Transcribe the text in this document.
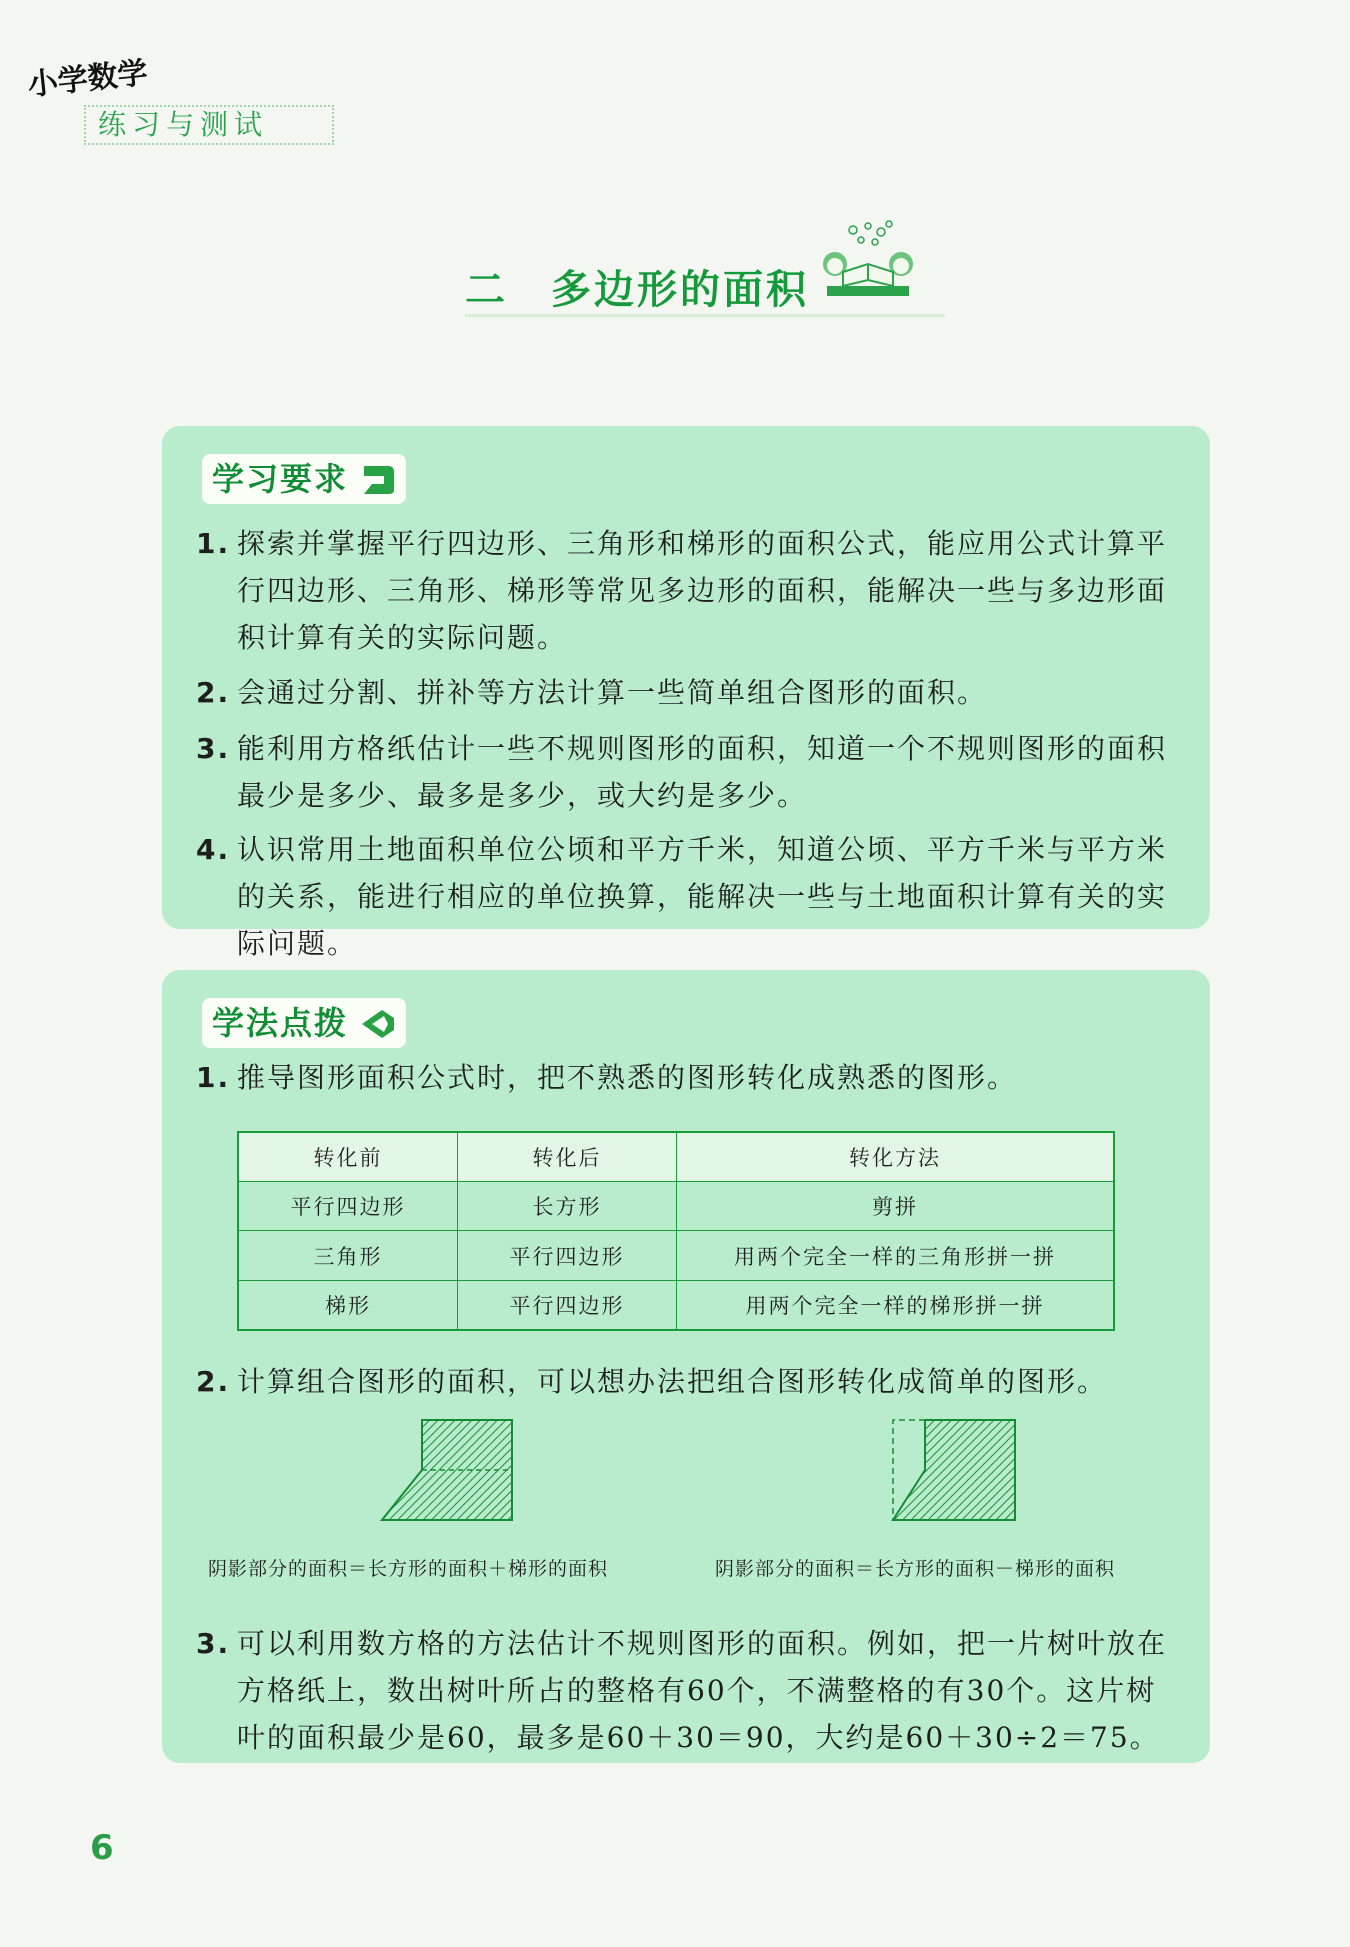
小学数学
练习与测试
二　多边形的面积
学习要求
1. 探索并掌握平行四边形、三角形和梯形的面积公式，能应用公式计算平行四边形、三角形、梯形等常见多边形的面积，能解决一些与多边形面积计算有关的实际问题。
2. 会通过分割、拼补等方法计算一些简单组合图形的面积。
3. 能利用方格纸估计一些不规则图形的面积，知道一个不规则图形的面积最少是多少、最多是多少，或大约是多少。
4. 认识常用土地面积单位公顷和平方千米，知道公顷、平方千米与平方米的关系，能进行相应的单位换算，能解决一些与土地面积计算有关的实际问题。
学法点拨
1. 推导图形面积公式时，把不熟悉的图形转化成熟悉的图形。
转化前	转化后	转化方法
平行四边形	长方形	剪拼
三角形	平行四边形	用两个完全一样的三角形拼一拼
梯形	平行四边形	用两个完全一样的梯形拼一拼
2. 计算组合图形的面积，可以想办法把组合图形转化成简单的图形。
阴影部分的面积＝长方形的面积＋梯形的面积	阴影部分的面积＝长方形的面积－梯形的面积
3. 可以利用数方格的方法估计不规则图形的面积。例如，把一片树叶放在方格纸上，数出树叶所占的整格有60个，不满整格的有30个。这片树叶的面积最少是60，最多是60＋30＝90，大约是60＋30÷2＝75。
6
